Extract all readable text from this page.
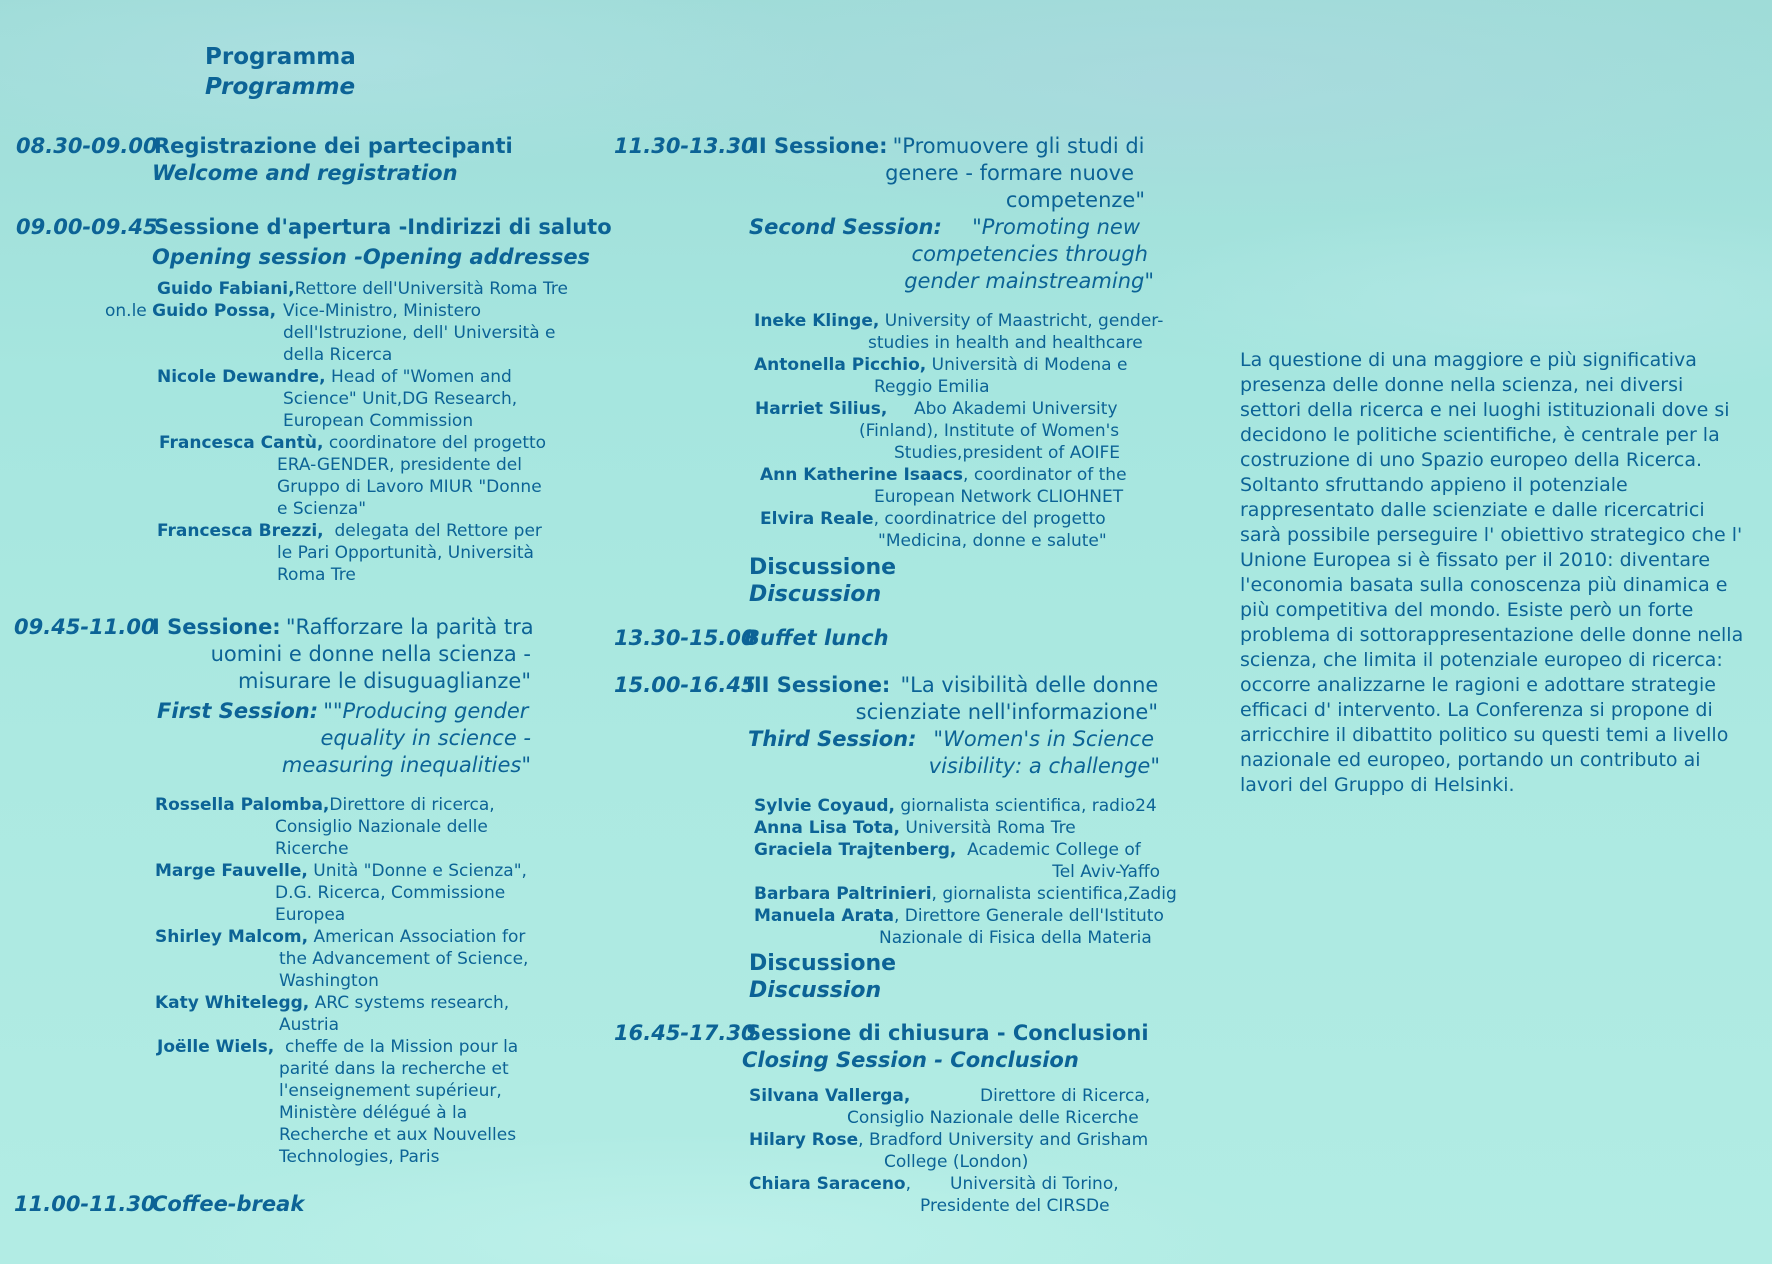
Programma
Programme
08.30-09.00
Registrazione dei partecipanti
Welcome and registration
09.00-09.45
Sessione d'apertura -Indirizzi di saluto
Opening session -Opening addresses
Guido Fabiani,Rettore dell'Università Roma Tre
on.le Guido Possa, Vice-Ministro, Ministero
dell'Istruzione, dell' Università e
della Ricerca
Nicole Dewandre, Head of "Women and
Science" Unit,DG Research,
European Commission
Francesca Cantù, coordinatore del progetto
ERA-GENDER, presidente del
Gruppo di Lavoro MIUR "Donne
e Scienza"
Francesca Brezzi, delegata del Rettore per
le Pari Opportunità, Università
Roma Tre
09.45-11.00
I Sessione: "Rafforzare la parità tra
uomini e donne nella scienza -
misurare le disuguaglianze"
First Session: ""Producing gender
equality in science -
measuring inequalities"
Rossella Palomba,Direttore di ricerca,
Consiglio Nazionale delle
Ricerche
Marge Fauvelle, Unità "Donne e Scienza",
D.G. Ricerca, Commissione
Europea
Shirley Malcom, American Association for
the Advancement of Science,
Washington
Katy Whitelegg, ARC systems research,
Austria
Joëlle Wiels, cheffe de la Mission pour la
parité dans la recherche et
l'enseignement supérieur,
Ministère délégué à la
Recherche et aux Nouvelles
Technologies, Paris
11.00-11.30
Coffee-break
11.30-13.30
II Sessione: "Promuovere gli studi di
genere - formare nuove
competenze"
Second Session: "Promoting new
competencies through
gender mainstreaming"
Ineke Klinge, University of Maastricht, gender-
studies in health and healthcare
Antonella Picchio, Università di Modena e
Reggio Emilia
Harriet Silius, Abo Akademi University
(Finland), Institute of Women's
Studies,president of AOIFE
Ann Katherine Isaacs, coordinator of the
European Network CLIOHNET
Elvira Reale, coordinatrice del progetto
"Medicina, donne e salute"
Discussione
Discussion
13.30-15.00
Buffet lunch
15.00-16.45
III Sessione: "La visibilità delle donne
scienziate nell'informazione"
Third Session: "Women's in Science
visibility: a challenge"
Sylvie Coyaud, giornalista scientifica, radio24
Anna Lisa Tota, Università Roma Tre
Graciela Trajtenberg, Academic College of
Tel Aviv-Yaffo
Barbara Paltrinieri, giornalista scientifica,Zadig
Manuela Arata, Direttore Generale dell'Istituto
Nazionale di Fisica della Materia
Discussione
Discussion
16.45-17.30
Sessione di chiusura - Conclusioni
Closing Session - Conclusion
Silvana Vallerga,	Direttore di Ricerca,
Consiglio Nazionale delle Ricerche
Hilary Rose, Bradford University and Grisham
College (London)
Chiara Saraceno, Università di Torino,
Presidente del CIRSDe
La questione di una maggiore e più significativa presenza delle donne nella scienza, nei diversi settori della ricerca e nei luoghi istituzionali dove si decidono le politiche scientifiche, è centrale per la costruzione di uno Spazio europeo della Ricerca. Soltanto sfruttando appieno il potenziale rappresentato dalle scienziate e dalle ricercatrici sarà possibile perseguire l' obiettivo strategico che l' Unione Europea si è fissato per il 2010: diventare l'economia basata sulla conoscenza più dinamica e più competitiva del mondo. Esiste però un forte problema di sottorappresentazione delle donne nella scienza, che limita il potenziale europeo di ricerca: occorre analizzarne le ragioni e adottare strategie efficaci d' intervento. La Conferenza si propone di arricchire il dibattito politico su questi temi a livello nazionale ed europeo, portando un contributo ai lavori del Gruppo di Helsinki.
